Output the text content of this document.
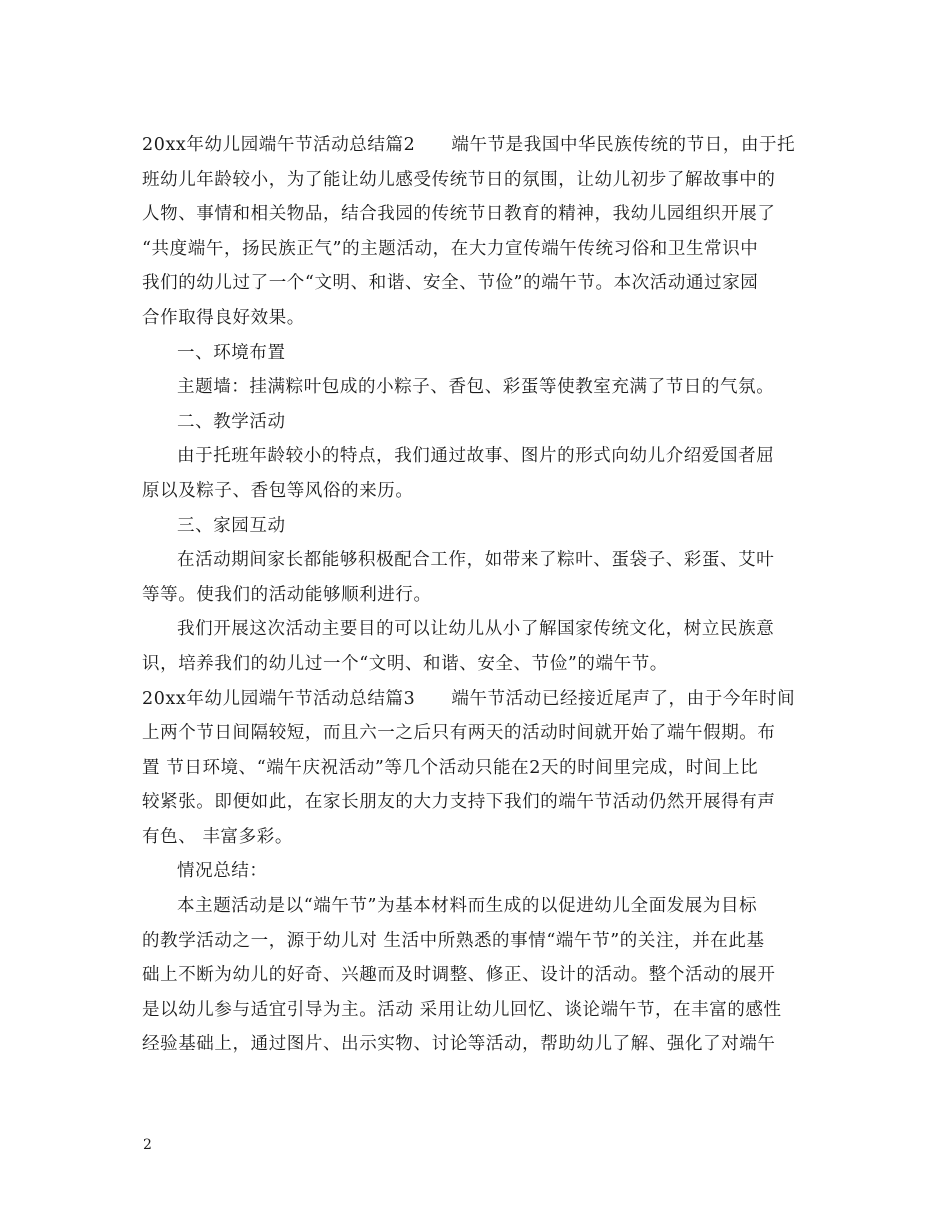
20xx年幼儿园端午节活动总结篇2 端午节是我国中华民族传统的节日，由于托
班幼儿年龄较小，为了能让幼儿感受传统节日的氛围，让幼儿初步了解故事中的
人物、事情和相关物品，结合我园的传统节日教育的精神，我幼儿园组织开展了
“共度端午，扬民族正气”的主题活动，在大力宣传端午传统习俗和卫生常识中
我们的幼儿过了一个“文明、和谐、安全、节俭”的端午节。本次活动通过家园
合作取得良好效果。
一、环境布置
主题墙：挂满粽叶包成的小粽子、香包、彩蛋等使教室充满了节日的气氛。
二、教学活动
由于托班年龄较小的特点，我们通过故事、图片的形式向幼儿介绍爱国者屈
原以及粽子、香包等风俗的来历。
三、家园互动
在活动期间家长都能够积极配合工作，如带来了粽叶、蛋袋子、彩蛋、艾叶
等等。使我们的活动能够顺利进行。
我们开展这次活动主要目的可以让幼儿从小了解国家传统文化，树立民族意
识，培养我们的幼儿过一个“文明、和谐、安全、节俭”的端午节。
20xx年幼儿园端午节活动总结篇3 端午节活动已经接近尾声了，由于今年时间
上两个节日间隔较短，而且六一之后只有两天的活动时间就开始了端午假期。布
置 节日环境、“端午庆祝活动”等几个活动只能在2天的时间里完成，时间上比
较紧张。即便如此，在家长朋友的大力支持下我们的端午节活动仍然开展得有声
有色、 丰富多彩。
情况总结：
本主题活动是以“端午节”为基本材料而生成的以促进幼儿全面发展为目标
的教学活动之一，源于幼儿对 生活中所熟悉的事情“端午节”的关注，并在此基
础上不断为幼儿的好奇、兴趣而及时调整、修正、设计的活动。整个活动的展开
是以幼儿参与适宜引导为主。活动 采用让幼儿回忆、谈论端午节，在丰富的感性
经验基础上，通过图片、出示实物、讨论等活动，帮助幼儿了解、强化了对端午
2
